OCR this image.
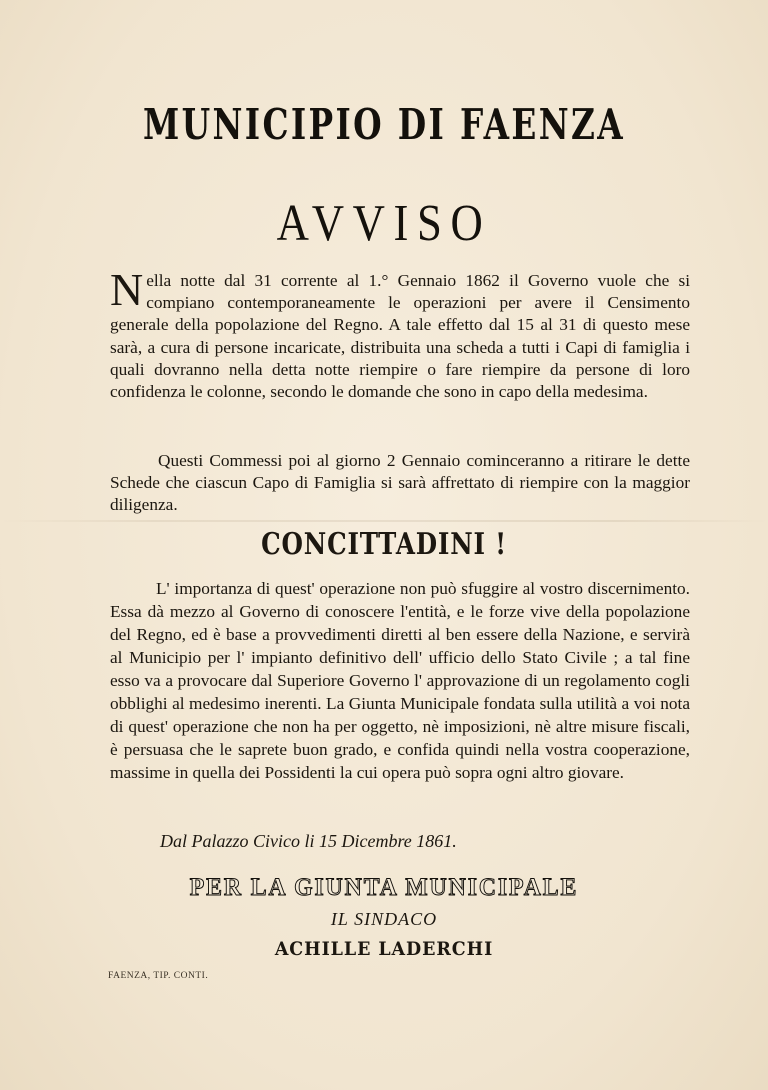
MUNICIPIO DI FAENZA
AVVISO
Nella notte dal 31 corrente al 1.° Gennaio 1862 il Governo vuole che si compiano contemporaneamente le operazioni per avere il Censimento generale della popolazione del Regno. A tale effetto dal 15 al 31 di questo mese sarà, a cura di persone incaricate, distribuita una scheda a tutti i Capi di famiglia i quali dovranno nella detta notte riempire o fare riempire da persone di loro confidenza le colonne, secondo le domande che sono in capo della medesima.
Questi Commessi poi al giorno 2 Gennaio cominceranno a ritirare le dette Schede che ciascun Capo di Famiglia si sarà affrettato di riempire con la maggior diligenza.
CONCITTADINI !
L' importanza di quest' operazione non può sfuggire al vostro discernimento. Essa dà mezzo al Governo di conoscere l'entità, e le forze vive della popolazione del Regno, ed è base a provvedimenti diretti al ben essere della Nazione, e servirà al Municipio per l' impianto definitivo dell' ufficio dello Stato Civile ; a tal fine esso va a provocare dal Superiore Governo l' approvazione di un regolamento cogli obblighi al medesimo inerenti. La Giunta Municipale fondata sulla utilità a voi nota di quest' operazione che non ha per oggetto, nè imposizioni, nè altre misure fiscali, è persuasa che le saprete buon grado, e confida quindi nella vostra cooperazione, massime in quella dei Possidenti la cui opera può sopra ogni altro giovare.
Dal Palazzo Civico li 15 Dicembre 1861.
PER LA GIUNTA MUNICIPALE
IL SINDACO
ACHILLE LADERCHI
FAENZA, TIP. CONTI.
